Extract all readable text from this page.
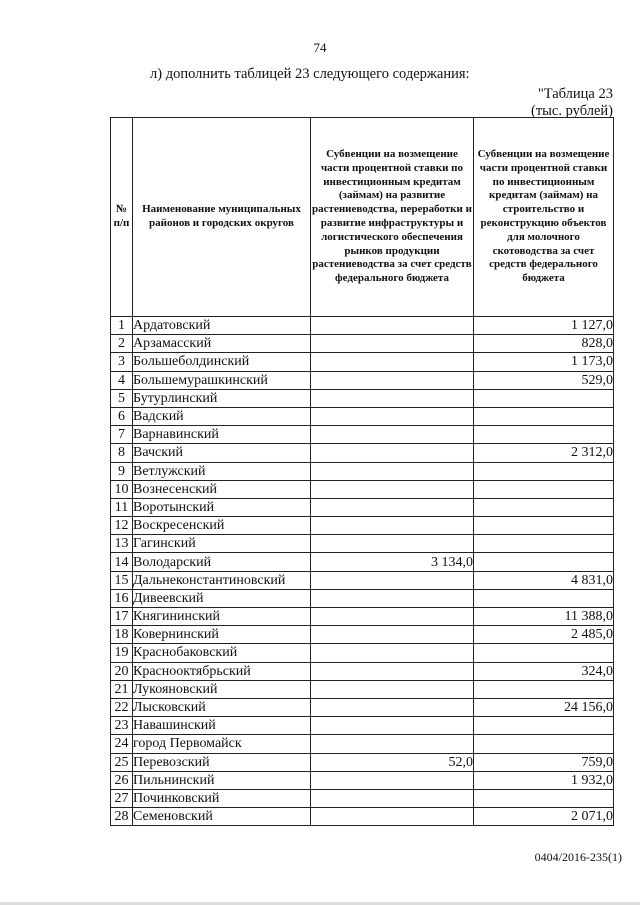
74
л) дополнить таблицей 23 следующего содержания:
"Таблица 23
(тыс. рублей)
№ п/п	Наименование муниципальных районов и городских округов	Субвенции на возмещение части процентной ставки по инвестиционным кредитам (займам) на развитие растениеводства, переработки и развитие инфраструктуры и логистического обеспечения рынков продукции растениеводства за счет средств федерального бюджета	Субвенции на возмещение части процентной ставки по инвестиционным кредитам (займам) на строительство и реконструкцию объектов для молочного скотоводства за счет средств федерального бюджета
1	Ардатовский		1 127,0
2	Арзамасский		828,0
3	Большеболдинский		1 173,0
4	Большемурашкинский		529,0
5	Бутурлинский		
6	Вадский		
7	Варнавинский		
8	Вачский		2 312,0
9	Ветлужский		
10	Вознесенский		
11	Воротынский		
12	Воскресенский		
13	Гагинский		
14	Володарский	3 134,0	
15	Дальнеконстантиновский		4 831,0
16	Дивеевский		
17	Княгининский		11 388,0
18	Ковернинский		2 485,0
19	Краснобаковский		
20	Краснооктябрьский		324,0
21	Лукояновский		
22	Лысковский		24 156,0
23	Навашинский		
24	город Первомайск		
25	Перевозский	52,0	759,0
26	Пильнинский		1 932,0
27	Починковский		
28	Семеновский		2 071,0
0404/2016-235(1)
